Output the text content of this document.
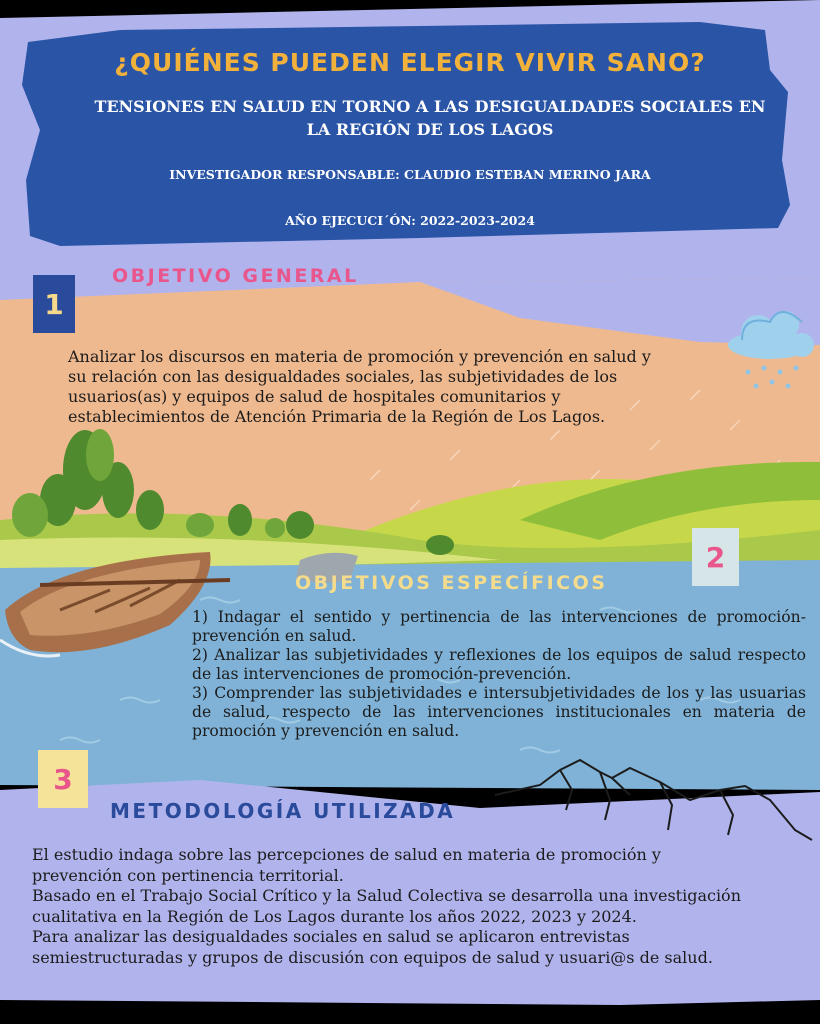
¿QUIÉNES PUEDEN ELEGIR VIVIR SANO?
TENSIONES EN SALUD EN TORNO A LAS DESIGUALDADES SOCIALES EN
LA REGIÓN DE LOS LAGOS
INVESTIGADOR RESPONSABLE: CLAUDIO ESTEBAN MERINO JARA
AÑO EJECUCI´ÓN: 2022-2023-2024
1
OBJETIVO GENERAL
Analizar los discursos en materia de promoción y prevención en salud y
su relación con las desigualdades sociales, las subjetividades de los
usuarios(as) y equipos de salud de hospitales comunitarios y
establecimientos de Atención Primaria de la Región de Los Lagos.
2
OBJETIVOS ESPECÍFICOS
1) Indagar el sentido y pertinencia de las intervenciones de promoción-prevención en salud.
2) Analizar las subjetividades y reflexiones de los equipos de salud respecto de las intervenciones de promoción-prevención.
3) Comprender las subjetividades e intersubjetividades de los y las usuarias de salud, respecto de las intervenciones institucionales en materia de promoción y prevención en salud.
3
METODOLOGÍA UTILIZADA
El estudio indaga sobre las percepciones de salud en materia de promoción y
prevención con pertinencia territorial.
Basado en el Trabajo Social Crítico y la Salud Colectiva se desarrolla una investigación
cualitativa en la Región de Los Lagos durante los años 2022, 2023 y 2024.
Para analizar las desigualdades sociales en salud se aplicaron entrevistas
semiestructuradas y grupos de discusión con equipos de salud y usuari@s de salud.
